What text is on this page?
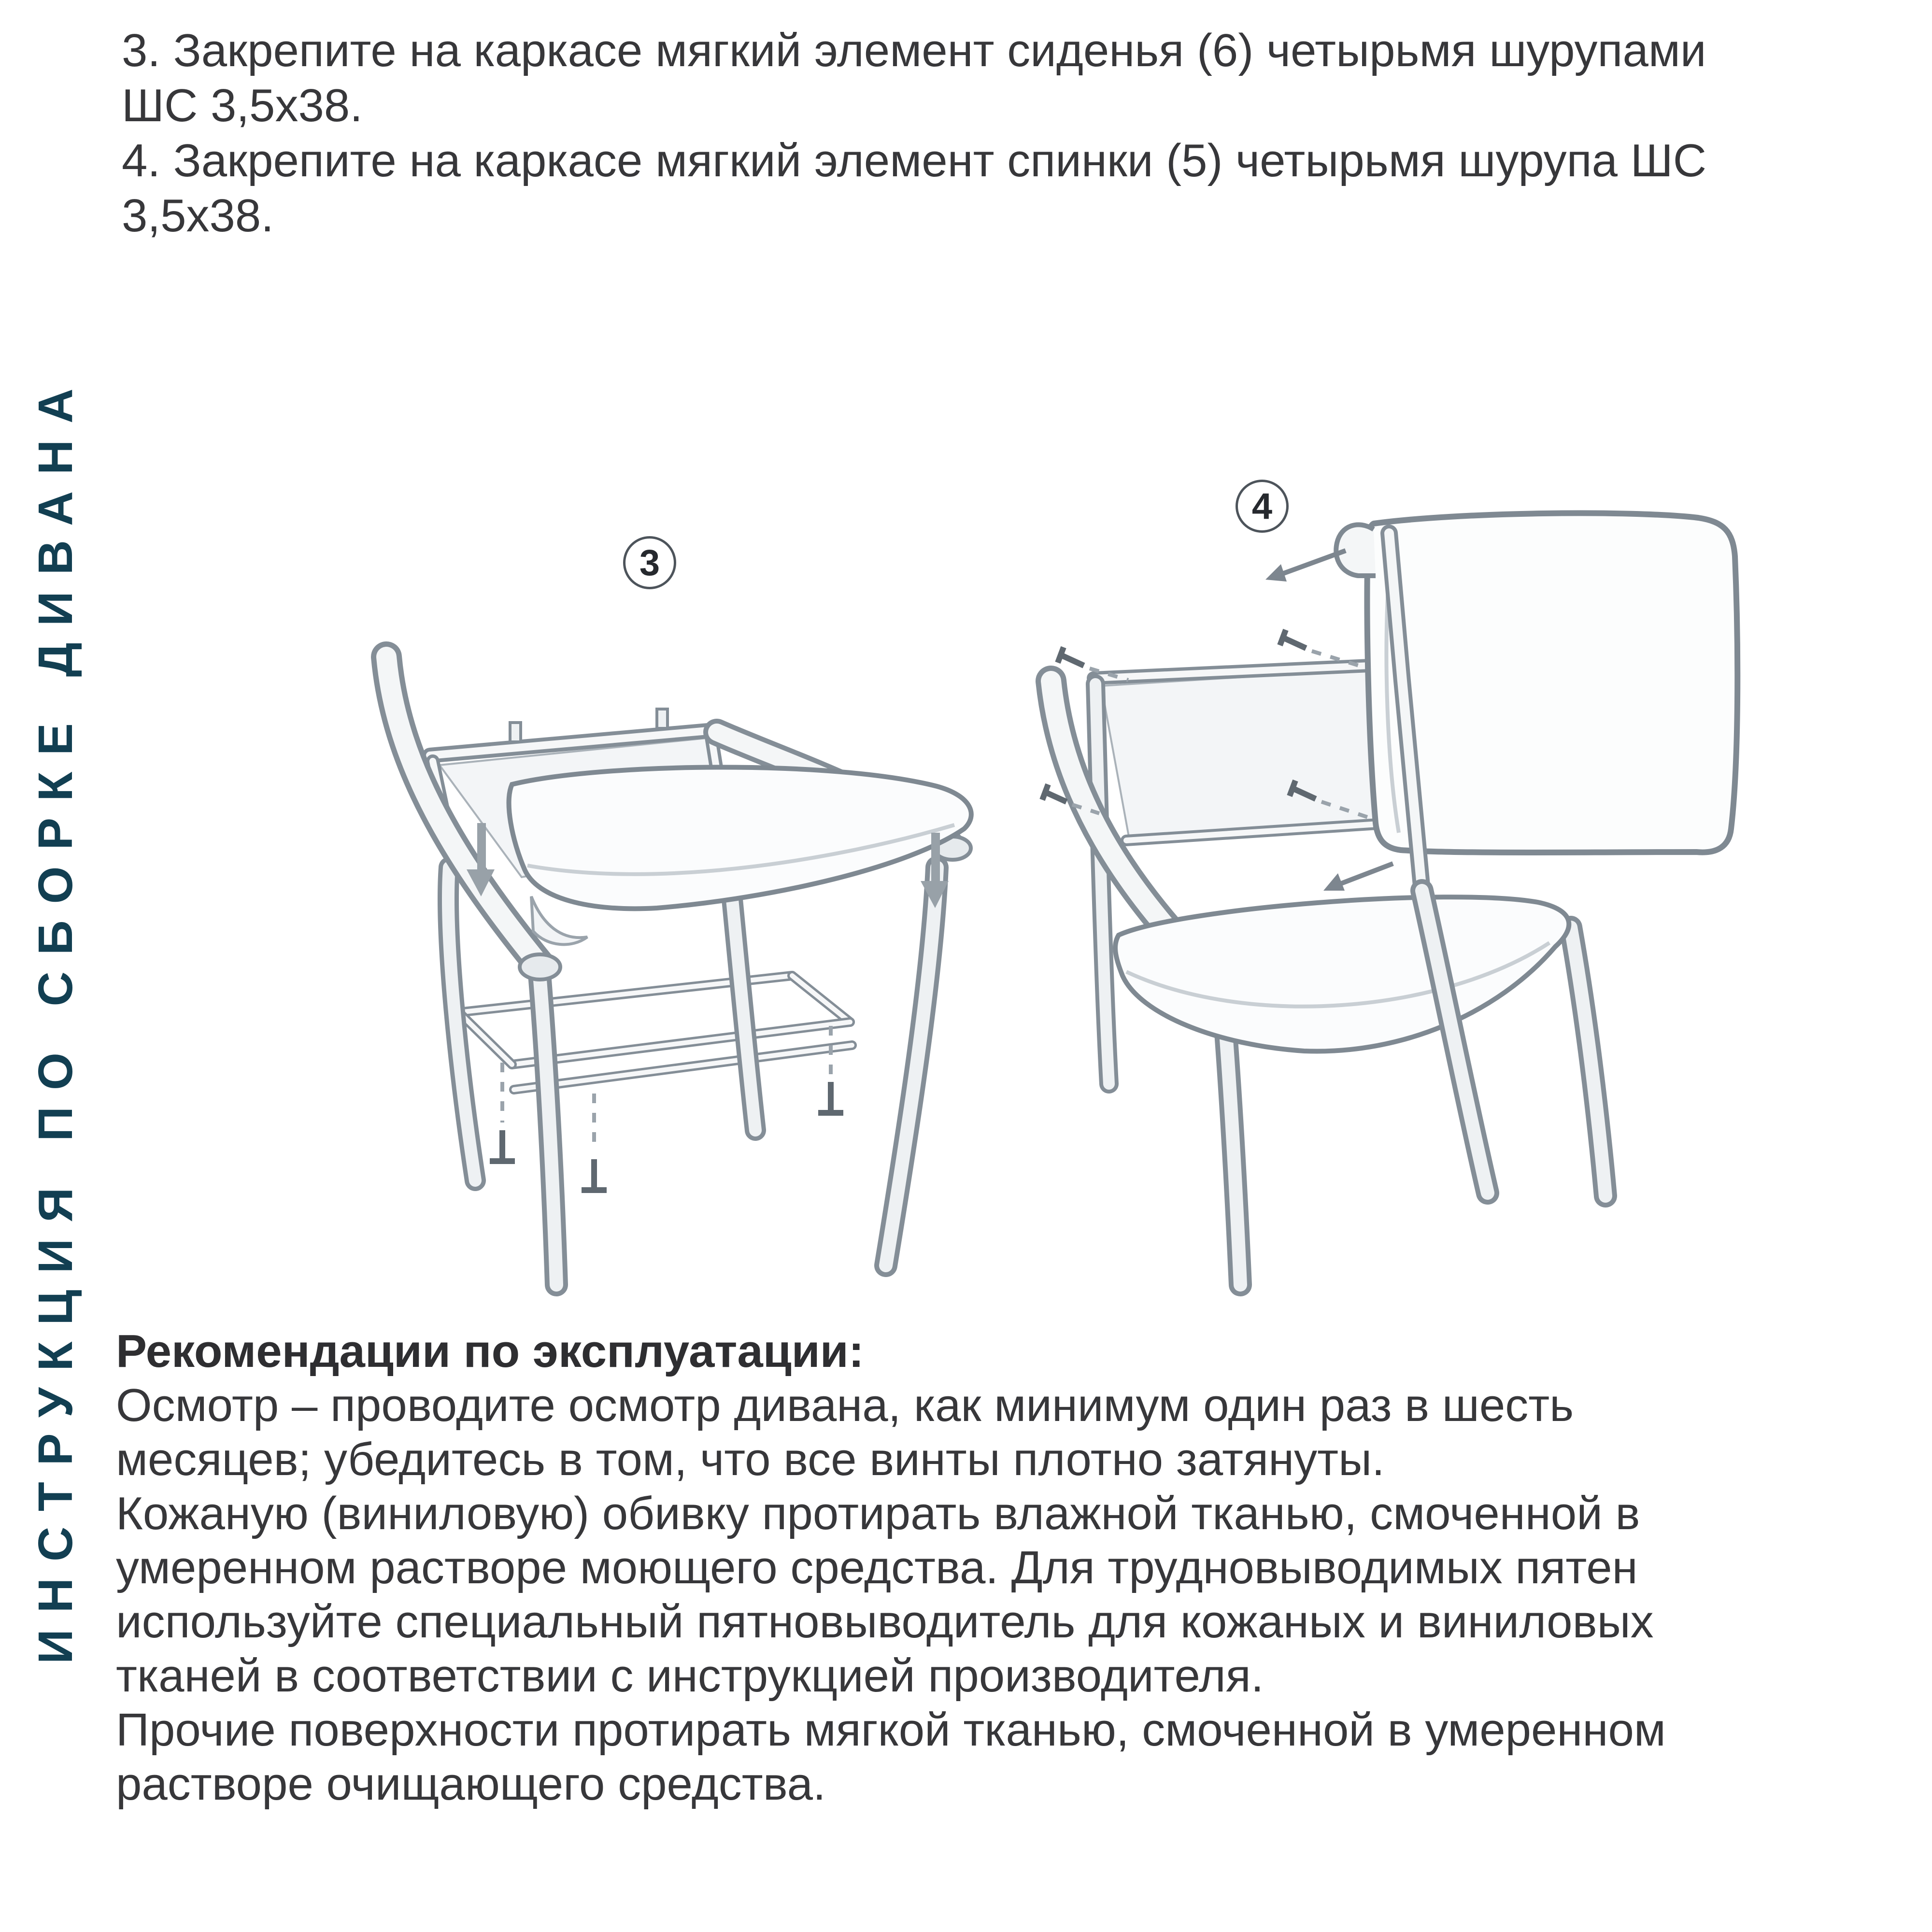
ИНСТРУКЦИЯ ПО СБОРКЕ ДИВАНА

3. Закрепите на каркасе мягкий элемент сиденья (6) четырьмя шурупами
ШС 3,5х38.

4. Закрепите на каркасе мягкий элемент спинки (5) четырьмя шурупа ШС
3,5х38.

3
4
Рекомендации по эксплуатации:
Осмотр – проводите осмотр дивана, как минимум один раз в шесть
месяцев; убедитесь в том, что все винты плотно затянуты.
Кожаную (виниловую) обивку протирать влажной тканью, смоченной в
умеренном растворе моющего средства. Для трудновыводимых пятен
используйте специальный пятновыводитель для кожаных и виниловых
тканей в соответствии с инструкцией производителя.
Прочие поверхности протирать мягкой тканью, смоченной в умеренном
растворе очищающего средства.
